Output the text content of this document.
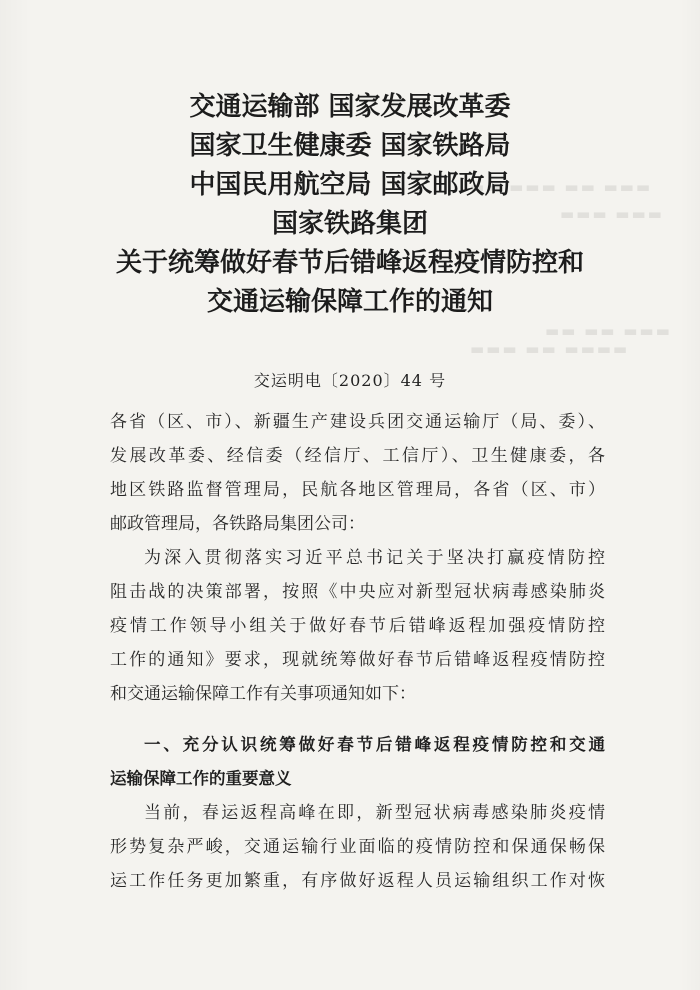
▬▬ ▬▬▬ ▬▬ ▬▬▬
▬▬▬ ▬▬▬
▬▬ ▬▬ ▬▬▬
▬▬▬ ▬▬ ▬▬▬▬
交通运输部 国家发展改革委
国家卫生健康委 国家铁路局
中国民用航空局 国家邮政局
国家铁路集团
关于统筹做好春节后错峰返程疫情防控和
交通运输保障工作的通知
交运明电〔2020〕44 号
各省（区、市）、新疆生产建设兵团交通运输厅（局、委）、
发展改革委、经信委（经信厅、工信厅）、卫生健康委，各
地区铁路监督管理局，民航各地区管理局，各省（区、市）
邮政管理局，各铁路局集团公司：
为深入贯彻落实习近平总书记关于坚决打赢疫情防控
阻击战的决策部署，按照《中央应对新型冠状病毒感染肺炎
疫情工作领导小组关于做好春节后错峰返程加强疫情防控
工作的通知》要求，现就统筹做好春节后错峰返程疫情防控
和交通运输保障工作有关事项通知如下：
一、充分认识统筹做好春节后错峰返程疫情防控和交通
运输保障工作的重要意义
当前，春运返程高峰在即，新型冠状病毒感染肺炎疫情
形势复杂严峻，交通运输行业面临的疫情防控和保通保畅保
运工作任务更加繁重，有序做好返程人员运输组织工作对恢
